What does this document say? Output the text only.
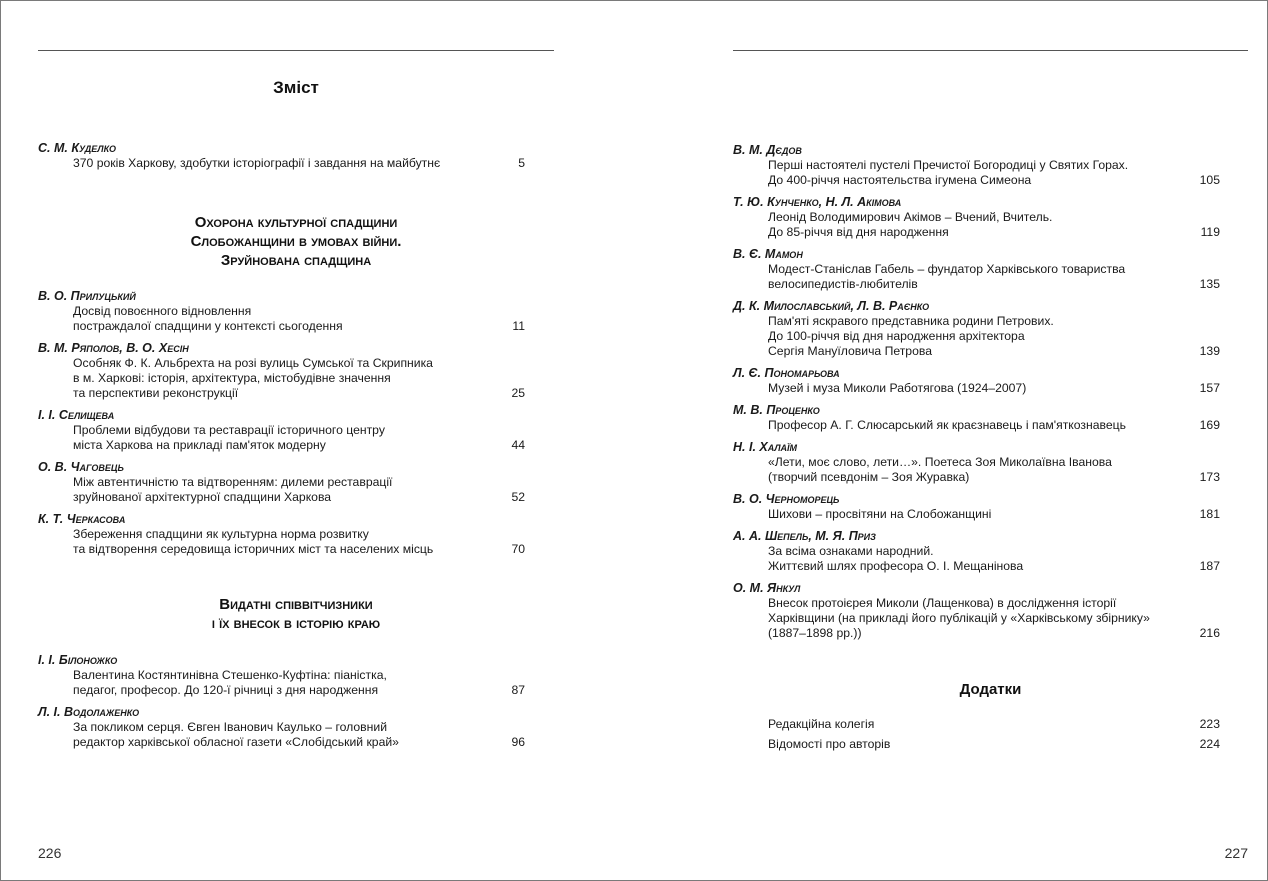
Зміст
С. М. Куделко
370 років Харкову, здобутки історіографії і завдання на майбутнє	5
Охорона культурної спадщини
Слобожанщини в умовах війни.
Зруйнована спадщина
В. О. Прилуцький
Досвід повоєнного відновлення
постраждалої спадщини у контексті сьогодення	11
В. М. Ряполов, В. О. Хесін
Особняк Ф. К. Альбрехта на розі вулиць Сумської та Скрипника
в м. Харкові: історія, архітектура, містобудівне значення
та перспективи реконструкції	25
І. І. Селищева
Проблеми відбудови та реставрації історичного центру
міста Харкова на прикладі пам'яток модерну	44
О. В. Чаговець
Між автентичністю та відтворенням: дилеми реставрації
зруйнованої архітектурної спадщини Харкова	52
К. Т. Черкасова
Збереження спадщини як культурна норма розвитку
та відтворення середовища історичних міст та населених місць	70
Видатні співвітчизники
і їх внесок в історію краю
І. І. Білоножко
Валентина Костянтинівна Стешенко-Куфтіна: піаністка,
педагог, професор. До 120-ї річниці з дня народження	87
Л. І. Водолаженко
За покликом серця. Євген Іванович Каулько – головний
редактор харківської обласної газети «Слобідський край»	96
226
В. М. Дєдов
Перші настоятелі пустелі Пречистої Богородиці у Святих Горах.
До 400-річчя настоятельства ігумена Симеона	105
Т. Ю. Кунченко, Н. Л. Акімова
Леонід Володимирович Акімов – Вчений, Вчитель.
До 85-річчя від дня народження	119
В. Є. Мамон
Модест-Станіслав Габель – фундатор Харківського товариства
велосипедистів-любителів	135
Д. К. Милославський, Л. В. Раєнко
Пам'яті яскравого представника родини Петрових.
До 100-річчя від дня народження архітектора
Сергія Мануїловича Петрова	139
Л. Є. Пономарьова
Музей і муза Миколи Работягова (1924–2007)	157
М. В. Проценко
Професор А. Г. Слюсарський як краєзнавець і пам'яткознавець	169
Н. І. Халаїм
«Лети, моє слово, лети…». Поетеса Зоя Миколаївна Іванова
(творчий псевдонім – Зоя Журавка)	173
В. О. Черноморець
Шихови – просвітяни на Слобожанщині	181
А. А. Шепель, М. Я. Приз
За всіма ознаками народний.
Життєвий шлях професора О. І. Мещанінова	187
О. М. Янкул
Внесок протоієрея Миколи (Лащенкова) в дослідження історії
Харківщини (на прикладі його публікацій у «Харківському збірнику»
(1887–1898 рр.))	216
Додатки
Редакційна колегія	223
Відомості про авторів	224
227
